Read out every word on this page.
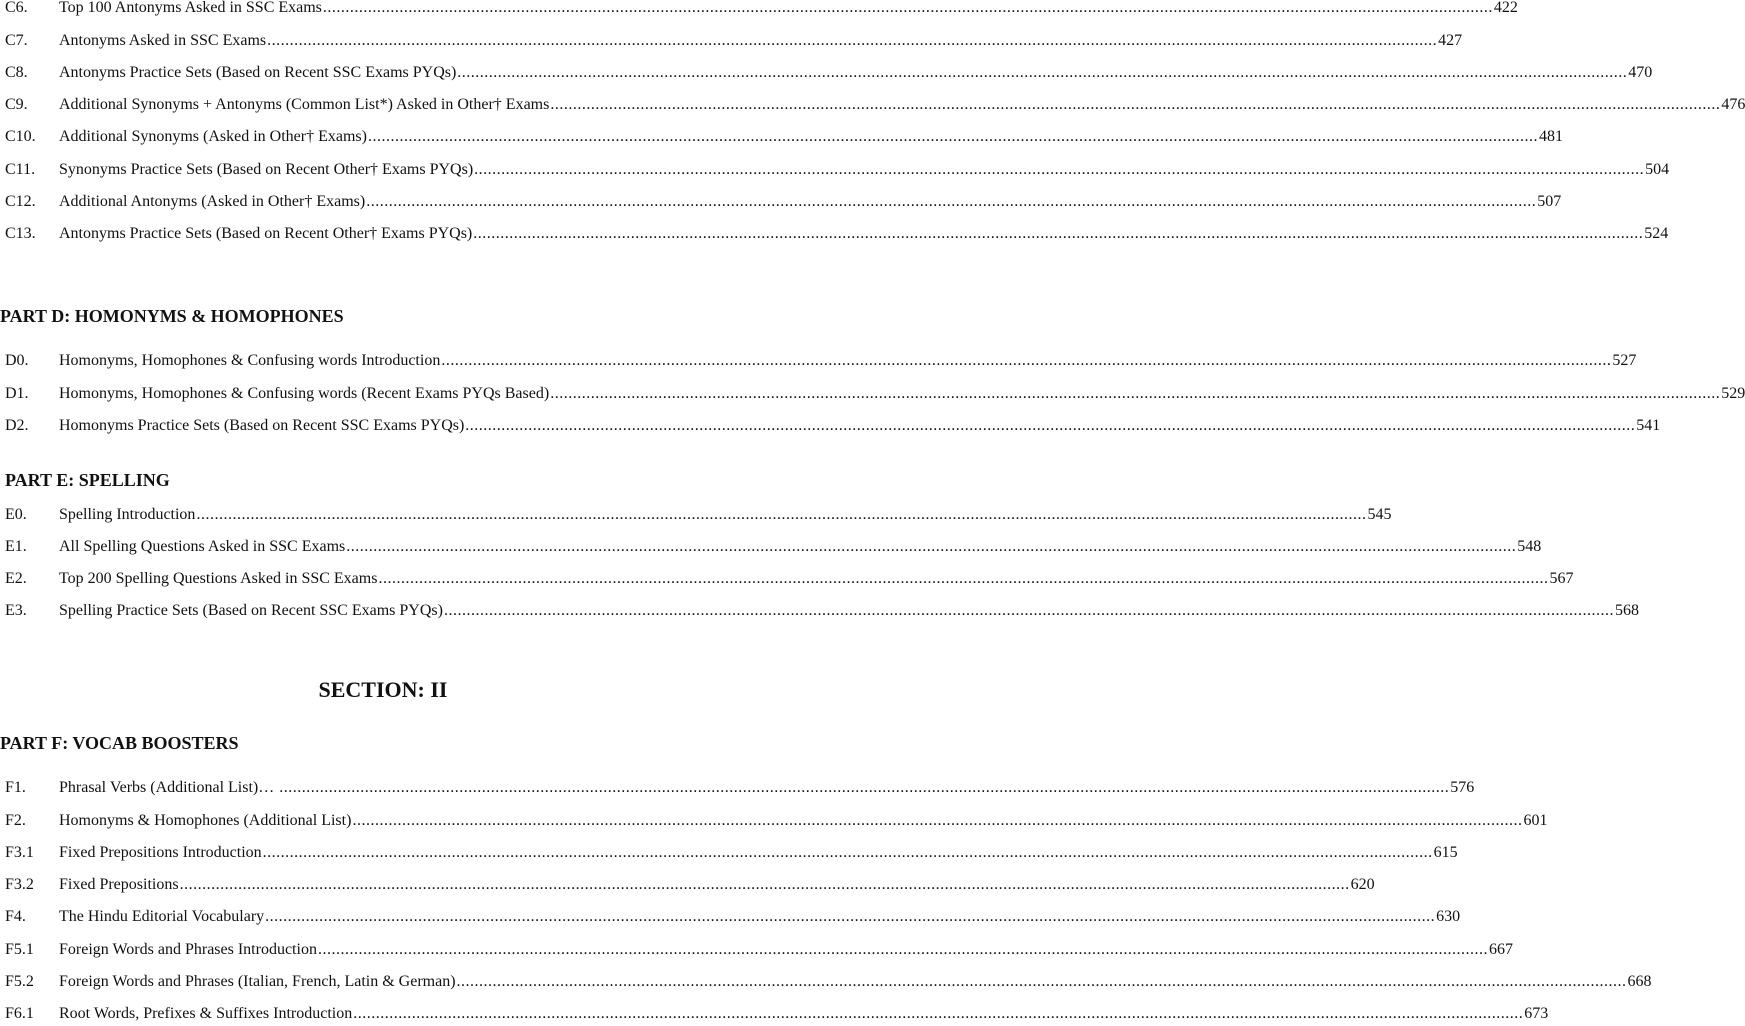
C6. Top 100 Antonyms Asked in SSC Exams .................................................................................................................................................................................................................................................................... 422
C7. Antonyms Asked in SSC Exams .................................................................................................................................................................................................................................................................... 427
C8. Antonyms Practice Sets (Based on Recent SSC Exams PYQs) .................................................................................................................................................................................................................................................................... 470
C9. Additional Synonyms + Antonyms (Common List*) Asked in Other† Exams .................................................................................................................................................................................................................................................................... 476
C10. Additional Synonyms (Asked in Other† Exams) .................................................................................................................................................................................................................................................................... 481
C11. Synonyms Practice Sets (Based on Recent Other† Exams PYQs) .................................................................................................................................................................................................................................................................... 504
C12. Additional Antonyms (Asked in Other† Exams) .................................................................................................................................................................................................................................................................... 507
C13. Antonyms Practice Sets (Based on Recent Other† Exams PYQs) .................................................................................................................................................................................................................................................................... 524
PART D: HOMONYMS & HOMOPHONES
D0. Homonyms, Homophones & Confusing words Introduction .................................................................................................................................................................................................................................................................... 527
D1. Homonyms, Homophones & Confusing words (Recent Exams PYQs Based) .................................................................................................................................................................................................................................................................... 529
D2. Homonyms Practice Sets (Based on Recent SSC Exams PYQs) .................................................................................................................................................................................................................................................................... 541
PART E: SPELLING
E0. Spelling Introduction .................................................................................................................................................................................................................................................................... 545
E1. All Spelling Questions Asked in SSC Exams .................................................................................................................................................................................................................................................................... 548
E2. Top 200 Spelling Questions Asked in SSC Exams .................................................................................................................................................................................................................................................................... 567
E3. Spelling Practice Sets (Based on Recent SSC Exams PYQs) .................................................................................................................................................................................................................................................................... 568
SECTION: II
PART F: VOCAB BOOSTERS
F1. Phrasal Verbs (Additional List)… .................................................................................................................................................................................................................................................................... 576
F2. Homonyms & Homophones (Additional List) .................................................................................................................................................................................................................................................................... 601
F3.1 Fixed Prepositions Introduction .................................................................................................................................................................................................................................................................... 615
F3.2 Fixed Prepositions .................................................................................................................................................................................................................................................................... 620
F4. The Hindu Editorial Vocabulary .................................................................................................................................................................................................................................................................... 630
F5.1 Foreign Words and Phrases Introduction .................................................................................................................................................................................................................................................................... 667
F5.2 Foreign Words and Phrases (Italian, French, Latin & German) .................................................................................................................................................................................................................................................................... 668
F6.1 Root Words, Prefixes & Suffixes Introduction .................................................................................................................................................................................................................................................................... 673
